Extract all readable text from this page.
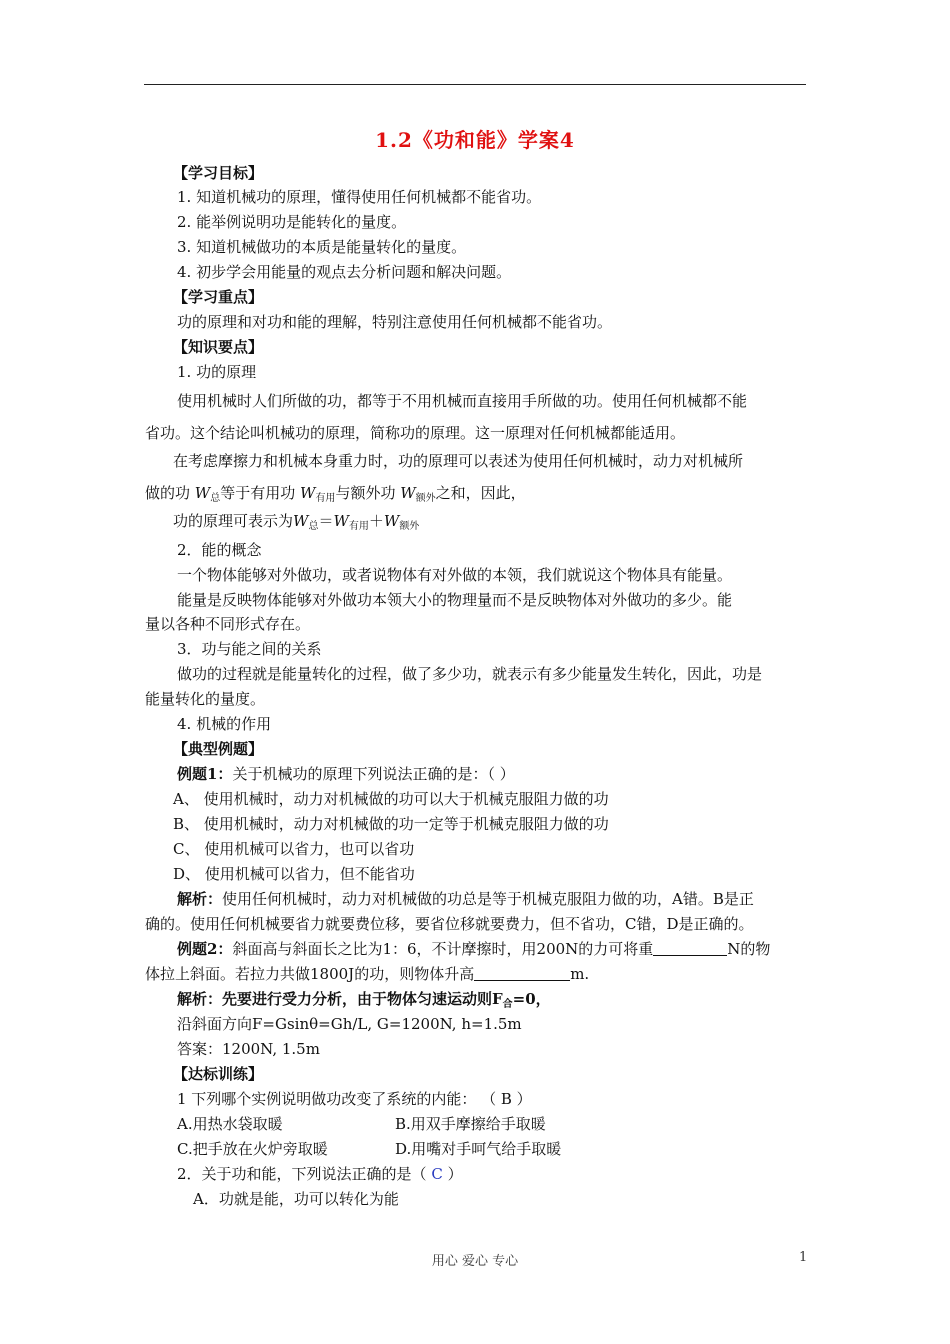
1.2《功和能》学案4
【学习目标】
1. 知道机械功的原理，懂得使用任何机械都不能省功。
2. 能举例说明功是能转化的量度。
3. 知道机械做功的本质是能量转化的量度。
4. 初步学会用能量的观点去分析问题和解决问题。
【学习重点】
功的原理和对功和能的理解，特别注意使用任何机械都不能省功。
【知识要点】
1. 功的原理
使用机械时人们所做的功，都等于不用机械而直接用手所做的功。使用任何机械都不能
省功。这个结论叫机械功的原理，简称功的原理。这一原理对任何机械都能适用。
在考虑摩擦力和机械本身重力时，功的原理可以表述为使用任何机械时，动力对机械所
做的功 $W_总$等于有用功 $W_{有用}$与额外功 $W_{额外}$之和，因此，
功的原理可表示为$W_总=W_{有用}+W_{额外}$
2．能的概念
一个物体能够对外做功，或者说物体有对外做的本领，我们就说这个物体具有能量。
能量是反映物体能够对外做功本领大小的物理量而不是反映物体对外做功的多少。能
量以各种不同形式存在。
3．功与能之间的关系
做功的过程就是能量转化的过程，做了多少功，就表示有多少能量发生转化，因此，功是
能量转化的量度。
4. 机械的作用
【典型例题】
例题1：关于机械功的原理下列说法正确的是：（ ）
A、 使用机械时，动力对机械做的功可以大于机械克服阻力做的功
B、 使用机械时，动力对机械做的功一定等于机械克服阻力做的功
C、 使用机械可以省力，也可以省功
D、 使用机械可以省力，但不能省功
解析：使用任何机械时，动力对机械做的功总是等于机械克服阻力做的功，A错。B是正
确的。使用任何机械要省力就要费位移，要省位移就要费力，但不省功，C错，D是正确的。
例题2：斜面高与斜面长之比为1：6，不计摩擦时，用200N的力可将重	N的物
体拉上斜面。若拉力共做1800J的功，则物体升高	m.
解析：先要进行受力分析，由于物体匀速运动则$F_合=0$，
沿斜面方向F=Gsinθ=Gh/L, G=1200N, h=1.5m
答案：1200N, 1.5m
【达标训练】
1 下列哪个实例说明做功改变了系统的内能： （ B ）
A.用热水袋取暖	B.用双手摩擦给手取暖
C.把手放在火炉旁取暖	D.用嘴对手呵气给手取暖
2．关于功和能，下列说法正确的是（ C ）
A．功就是能，功可以转化为能
用心 爱心 专心	1
